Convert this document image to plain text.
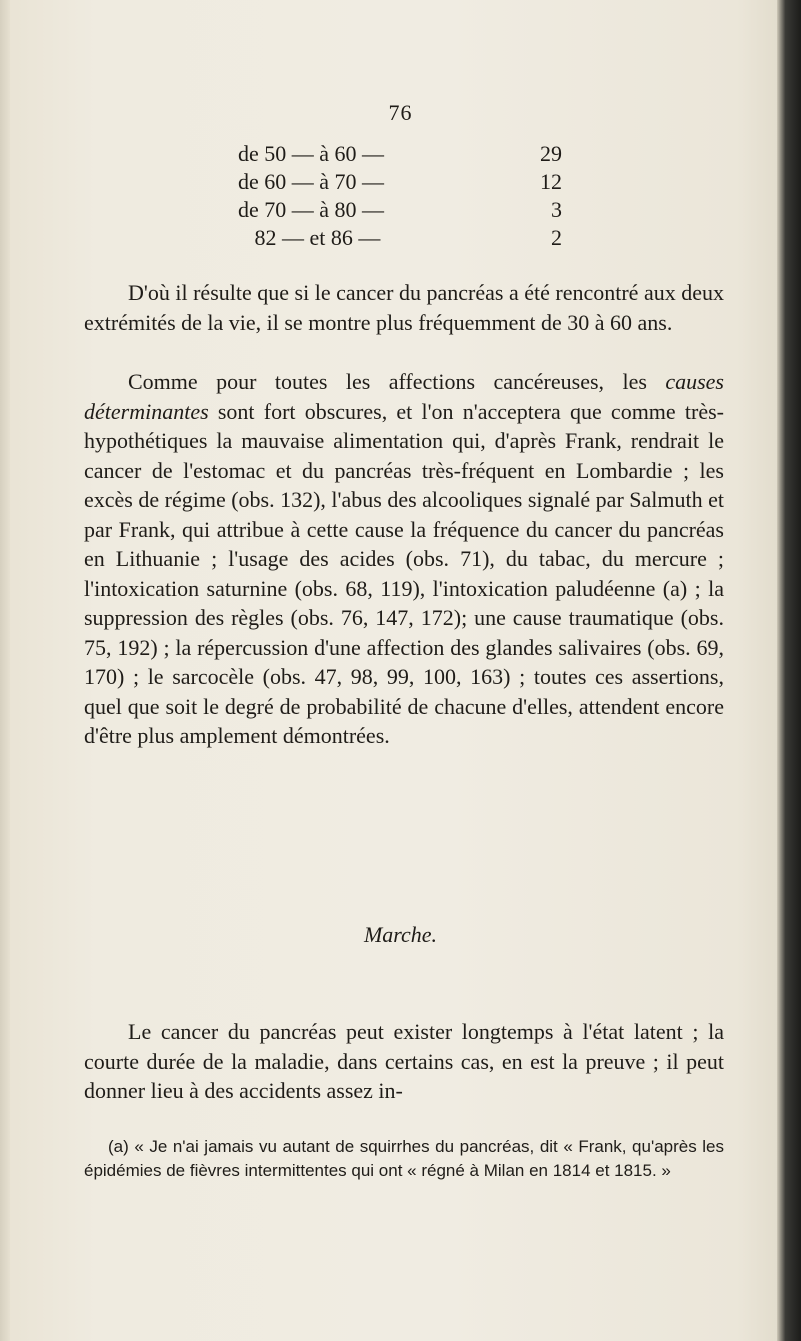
76
de 50 — à 60 —	29
de 60 — à 70 —	12
de 70 — à 80 —	3
82 — et 86 —	2

D'où il résulte que si le cancer du pancréas a été rencontré aux deux extrémités de la vie, il se montre plus fréquemment de 30 à 60 ans.

Comme pour toutes les affections cancéreuses, les causes déterminantes sont fort obscures, et l'on n'acceptera que comme très-hypothétiques la mauvaise alimentation qui, d'après Frank, rendrait le cancer de l'estomac et du pancréas très-fréquent en Lombardie ; les excès de régime (obs. 132), l'abus des alcooliques signalé par Salmuth et par Frank, qui attribue à cette cause la fréquence du cancer du pancréas en Lithuanie ; l'usage des acides (obs. 71), du tabac, du mercure ; l'intoxication saturnine (obs. 68, 119), l'intoxication paludéenne (a) ; la suppression des règles (obs. 76, 147, 172); une cause traumatique (obs. 75, 192) ; la répercussion d'une affection des glandes salivaires (obs. 69, 170) ; le sarcocèle (obs. 47, 98, 99, 100, 163) ; toutes ces assertions, quel que soit le degré de probabilité de chacune d'elles, attendent encore d'être plus amplement démontrées.

Marche.

Le cancer du pancréas peut exister longtemps à l'état latent ; la courte durée de la maladie, dans certains cas, en est la preuve ; il peut donner lieu à des accidents assez in-

(a) « Je n'ai jamais vu autant de squirrhes du pancréas, dit « Frank, qu'après les épidémies de fièvres intermittentes qui ont « régné à Milan en 1814 et 1815. »
